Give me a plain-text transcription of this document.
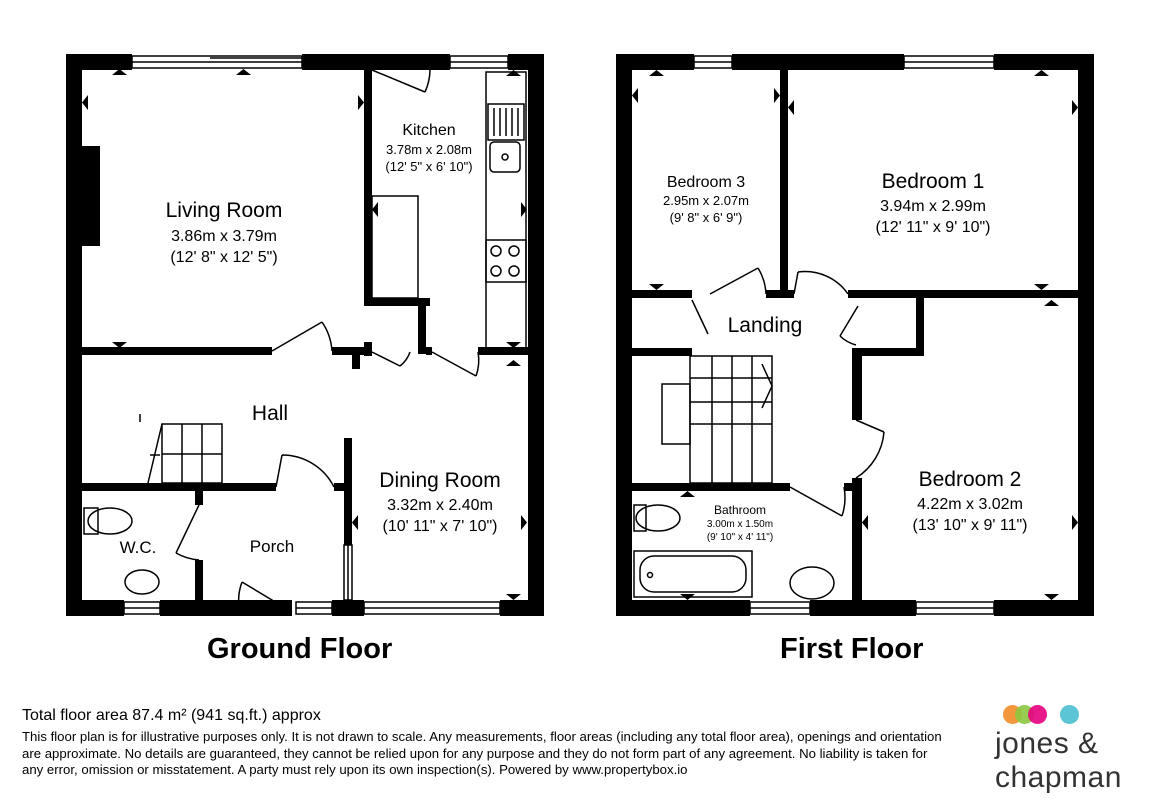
Living Room
3.86m x 3.79m
(12' 8" x 12' 5")
Kitchen
3.78m x 2.08m
(12' 5" x 6' 10")
Hall
Dining Room
3.32m x 2.40m
(10' 11" x 7' 10")
W.C.	Porch
Bedroom 3
2.95m x 2.07m
(9' 8" x 6' 9")
Bedroom 1
3.94m x 2.99m
(12' 11" x 9' 10")
Landing
Bathroom
3.00m x 1.50m
(9' 10" x 4' 11")
Bedroom 2
4.22m x 3.02m
(13' 10" x 9' 11")
Ground Floor	First Floor
Total floor area 87.4 m² (941 sq.ft.) approx
This floor plan is for illustrative purposes only. It is not drawn to scale. Any measurements, floor areas (including any total floor area), openings and orientation are approximate. No details are guaranteed, they cannot be relied upon for any purpose and they do not form part of any agreement. No liability is taken for any error, omission or misstatement. A party must rely upon its own inspection(s). Powered by www.propertybox.io
jones &
chapman
